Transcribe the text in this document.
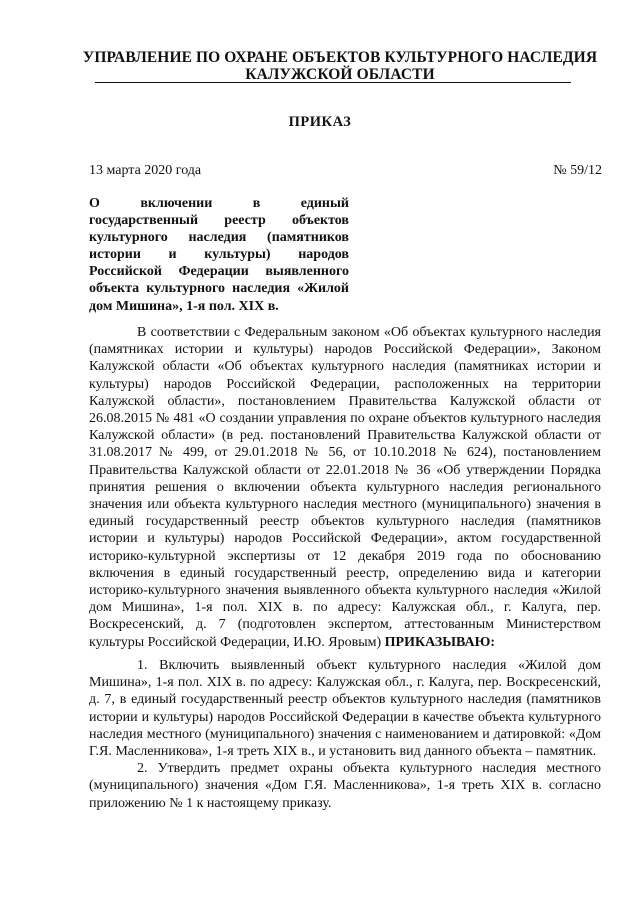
УПРАВЛЕНИЕ ПО ОХРАНЕ ОБЪЕКТОВ КУЛЬТУРНОГО НАСЛЕДИЯ
КАЛУЖСКОЙ ОБЛАСТИ
ПРИКАЗ
13 марта 2020 года	№ 59/12
О включении в единый государственный реестр объектов культурного наследия (памятников истории и культуры) народов Российской Федерации выявленного объекта культурного наследия «Жилой дом Мишина», 1-я пол. XIX в.

В соответствии с Федеральным законом «Об объектах культурного наследия (памятниках истории и культуры) народов Российской Федерации», Законом Калужской области «Об объектах культурного наследия (памятниках истории и культуры) народов Российской Федерации, расположенных на территории Калужской области», постановлением Правительства Калужской области от 26.08.2015 № 481 «О создании управления по охране объектов культурного наследия Калужской области» (в ред. постановлений Правительства Калужской области от 31.08.2017 № 499, от 29.01.2018 № 56, от 10.10.2018 № 624), постановлением Правительства Калужской области от 22.01.2018 № 36 «Об утверждении Порядка принятия решения о включении объекта культурного наследия регионального значения или объекта культурного наследия местного (муниципального) значения в единый государственный реестр объектов культурного наследия (памятников истории и культуры) народов Российской Федерации», актом государственной историко-культурной экспертизы от 12 декабря 2019 года по обоснованию включения в единый государственный реестр, определению вида и категории историко-культурного значения выявленного объекта культурного наследия «Жилой дом Мишина», 1-я пол. XIX в. по адресу: Калужская обл., г. Калуга, пер. Воскресенский, д. 7 (подготовлен экспертом, аттестованным Министерством культуры Российской Федерации, И.Ю. Яровым) ПРИКАЗЫВАЮ:

1. Включить выявленный объект культурного наследия «Жилой дом Мишина», 1-я пол. XIX в. по адресу: Калужская обл., г. Калуга, пер. Воскресенский, д. 7, в единый государственный реестр объектов культурного наследия (памятников истории и культуры) народов Российской Федерации в качестве объекта культурного наследия местного (муниципального) значения с наименованием и датировкой: «Дом Г.Я. Масленникова», 1-я треть XIX в., и установить вид данного объекта – памятник.

2. Утвердить предмет охраны объекта культурного наследия местного (муниципального) значения «Дом Г.Я. Масленникова», 1-я треть XIX в. согласно приложению № 1 к настоящему приказу.
